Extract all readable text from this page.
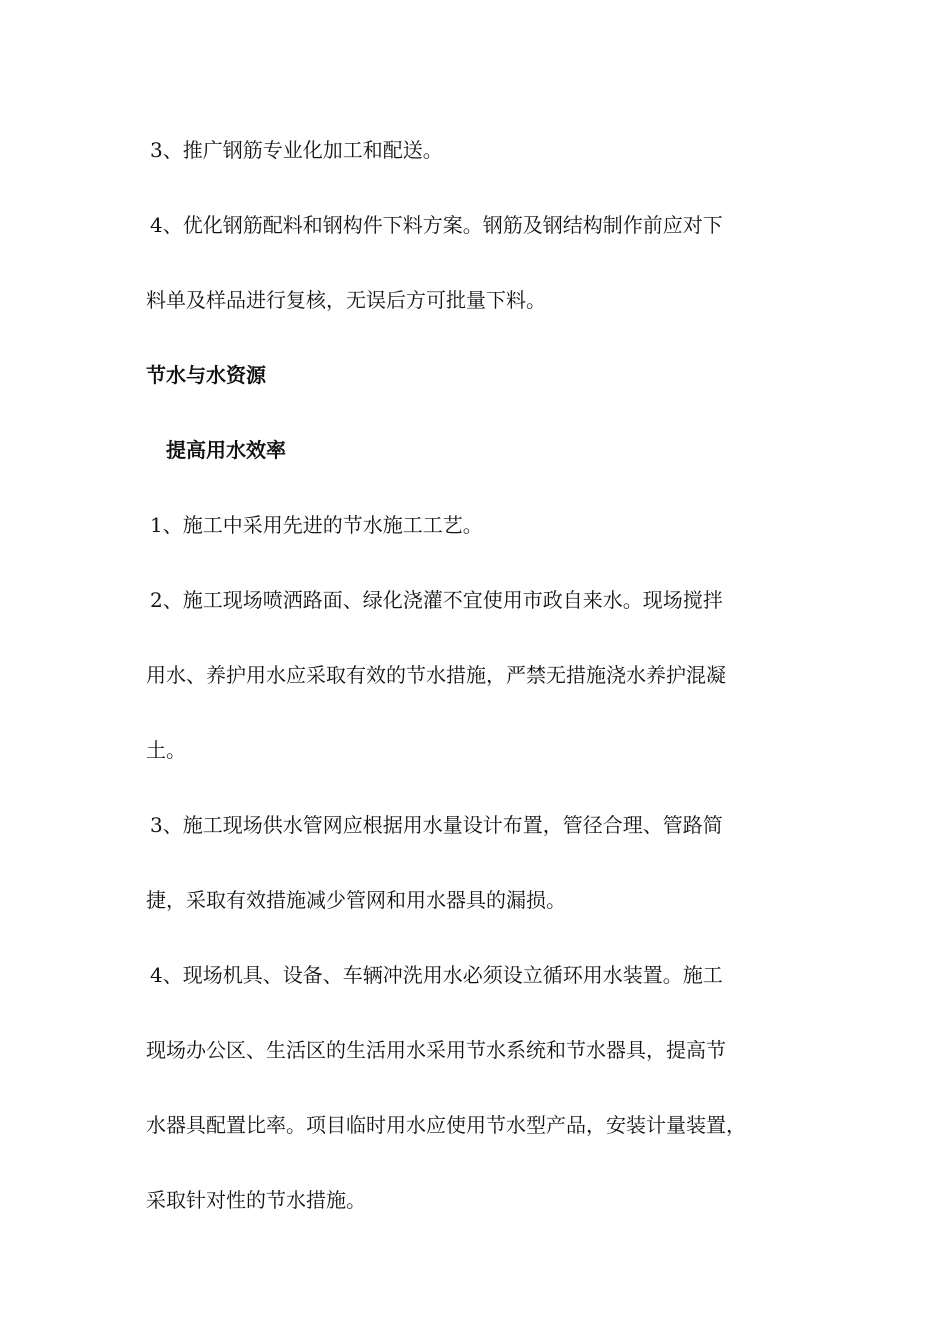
3、推广钢筋专业化加工和配送。
4、优化钢筋配料和钢构件下料方案。钢筋及钢结构制作前应对下
料单及样品进行复核，无误后方可批量下料。
节水与水资源
提高用水效率
1、施工中采用先进的节水施工工艺。
2、施工现场喷洒路面、绿化浇灌不宜使用市政自来水。现场搅拌
用水、养护用水应采取有效的节水措施，严禁无措施浇水养护混凝
土。
3、施工现场供水管网应根据用水量设计布置，管径合理、管路简
捷，采取有效措施减少管网和用水器具的漏损。
4、现场机具、设备、车辆冲洗用水必须设立循环用水装置。施工
现场办公区、生活区的生活用水采用节水系统和节水器具，提高节
水器具配置比率。项目临时用水应使用节水型产品，安装计量装置，
采取针对性的节水措施。
